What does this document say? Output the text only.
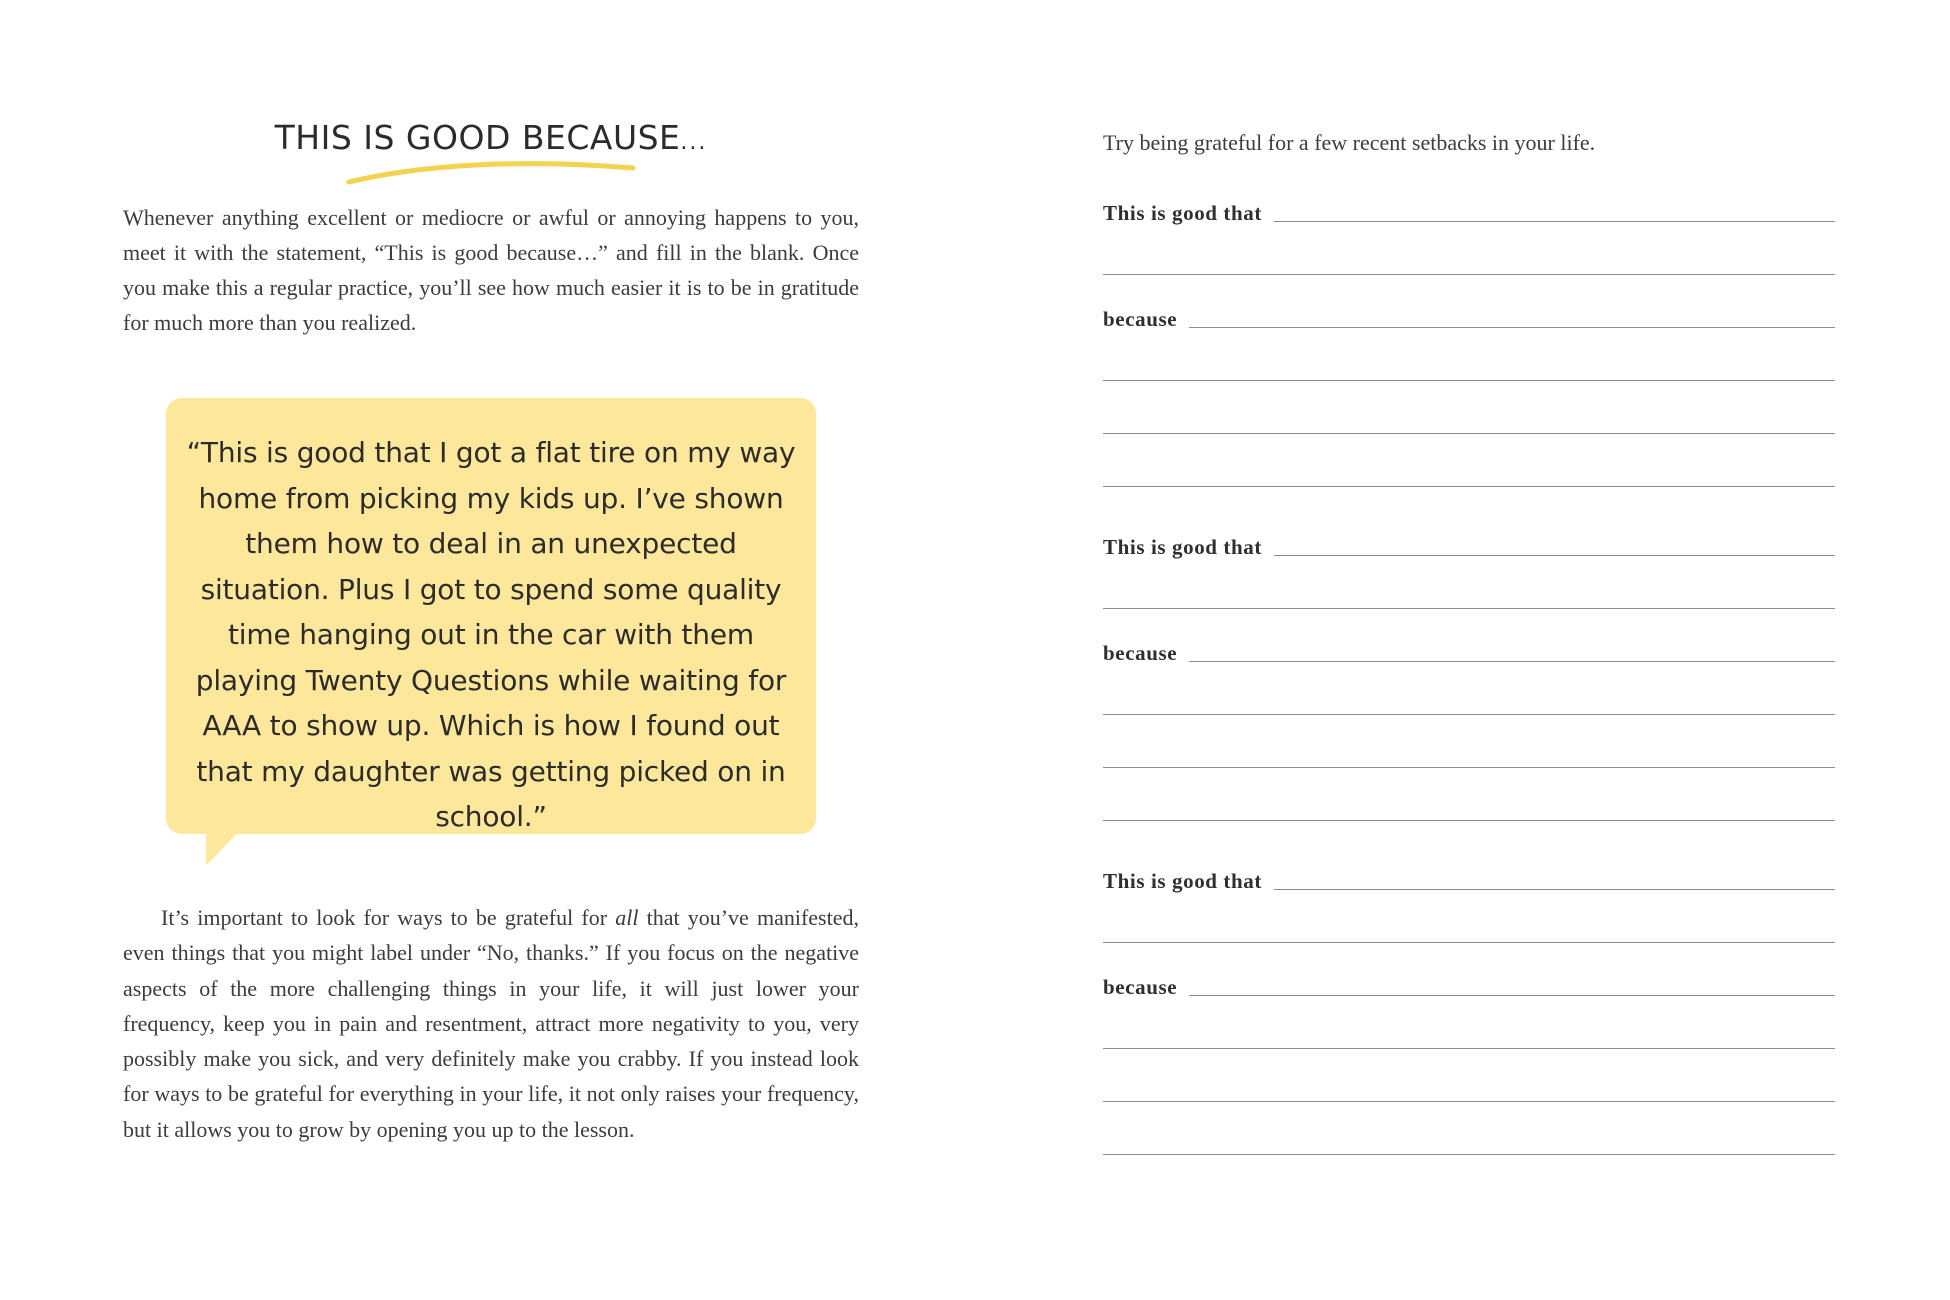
THIS IS GOOD BECAUSE...

Whenever anything excellent or mediocre or awful or annoying happens to you, meet it with the statement, “This is good because…” and fill in the blank. Once you make this a regular practice, you’ll see how much easier it is to be in gratitude for much more than you realized.

“This is good that I got a flat tire on my way home from picking my kids up. I’ve shown them how to deal in an unexpected situation. Plus I got to spend some quality time hanging out in the car with them playing Twenty Questions while waiting for AAA to show up. Which is how I found out that my daughter was getting picked on in school.”

It’s important to look for ways to be grateful for all that you’ve manifested, even things that you might label under “No, thanks.” If you focus on the negative aspects of the more challenging things in your life, it will just lower your frequency, keep you in pain and resentment, attract more negativity to you, very possibly make you sick, and very definitely make you crabby. If you instead look for ways to be grateful for everything in your life, it not only raises your frequency, but it allows you to grow by opening you up to the lesson.

Try being grateful for a few recent setbacks in your life.

This is good that
because
This is good that
because
This is good that
because
